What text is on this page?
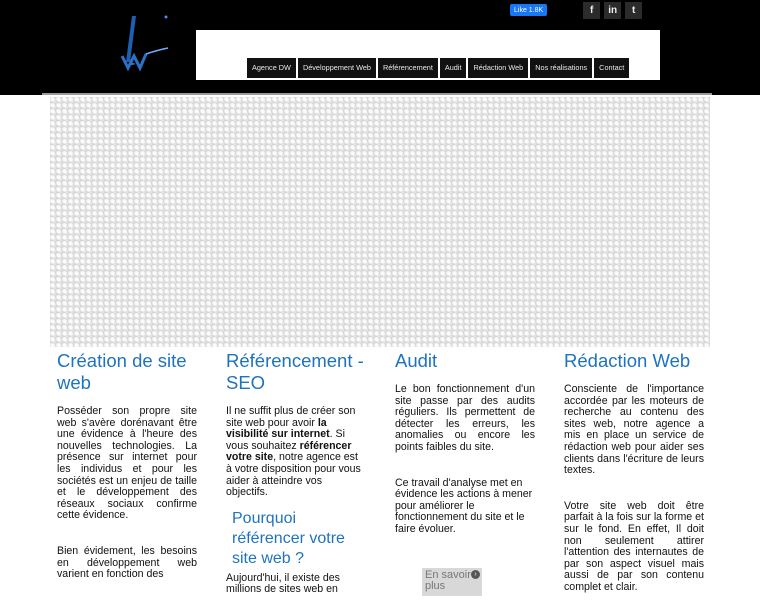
Like 1.8K	f	in	t
Agence DW	Développement Web	Référencement	Audit	Rédaction Web	Nos réalisations	Contact
Création de site web

Posséder son propre site web s'avère dorénavant être une évidence à l'heure des nouvelles technologies. La présence sur internet pour les individus et pour les sociétés est un enjeu de taille et le développement des réseaux sociaux confirme cette évidence.

Bien évidement, les besoins en développement web varient en fonction des

Référencement - SEO

Il ne suffit plus de créer son site web pour avoir la visibilité sur internet. Si vous souhaitez référencer votre site, notre agence est à votre disposition pour vous aider à atteindre vos objectifs.

Pourquoi référencer votre site web ?

Aujourd'hui, il existe des millions de sites web en

Audit

Le bon fonctionnement d'un site passe par des audits réguliers. Ils permettent de détecter les erreurs, les anomalies ou encore les points faibles du site.

Ce travail d'analyse met en évidence les actions à mener pour améliorer le fonctionnement du site et le faire évoluer.

En savoir plus
›
Rédaction Web

Consciente de l'importance accordée par les moteurs de recherche au contenu des sites web, notre agence a mis en place un service de rédaction web pour aider ses clients dans l'écriture de leurs textes.

Votre site web doit être parfait à la fois sur la forme et sur le fond. En effet, Il doit non seulement attirer l'attention des internautes de par son aspect visuel mais aussi de par son contenu complet et clair.
